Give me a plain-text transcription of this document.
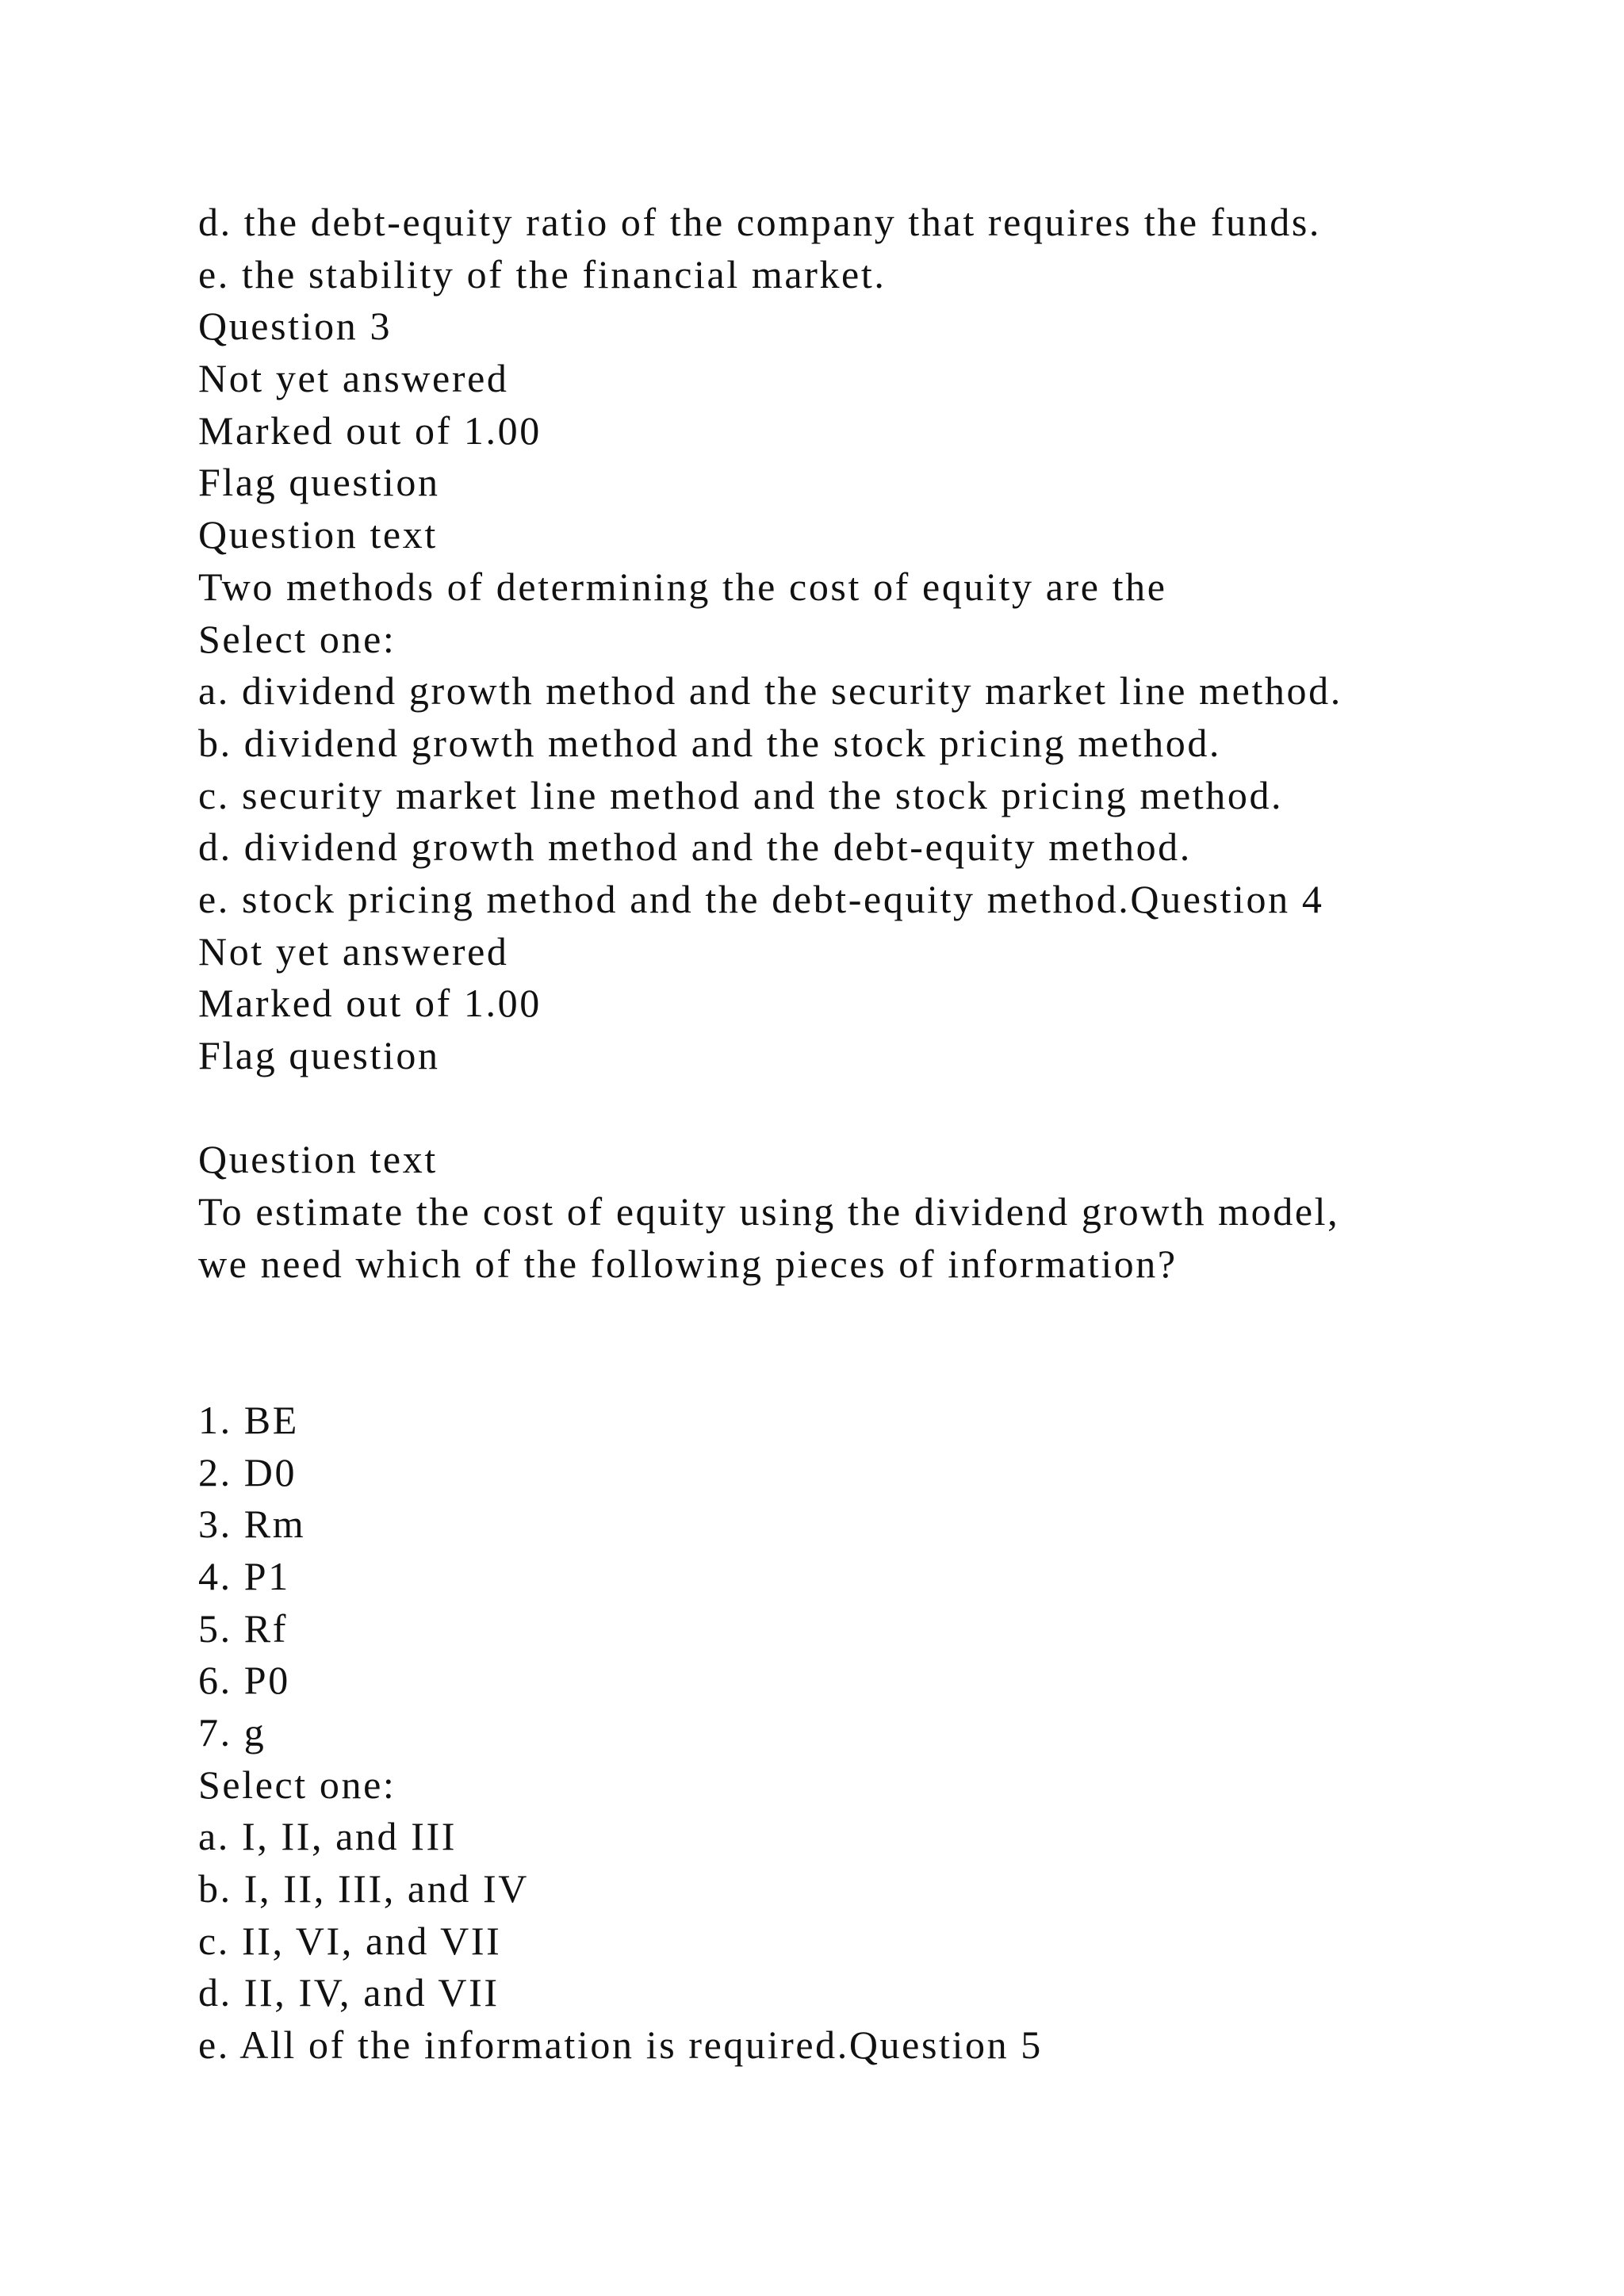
d. the debt-equity ratio of the company that requires the funds.
e. the stability of the financial market.
Question 3
Not yet answered
Marked out of 1.00
Flag question
Question text
Two methods of determining the cost of equity are the
Select one:
a. dividend growth method and the security market line method.
b. dividend growth method and the stock pricing method.
c. security market line method and the stock pricing method.
d. dividend growth method and the debt-equity method.
e. stock pricing method and the debt-equity method.Question 4
Not yet answered
Marked out of 1.00
Flag question
Question text
To estimate the cost of equity using the dividend growth model,
we need which of the following pieces of information?
1. BE
2. D0
3. Rm
4. P1
5. Rf
6. P0
7. g
Select one:
a. I, II, and III
b. I, II, III, and IV
c. II, VI, and VII
d. II, IV, and VII
e. All of the information is required.Question 5
